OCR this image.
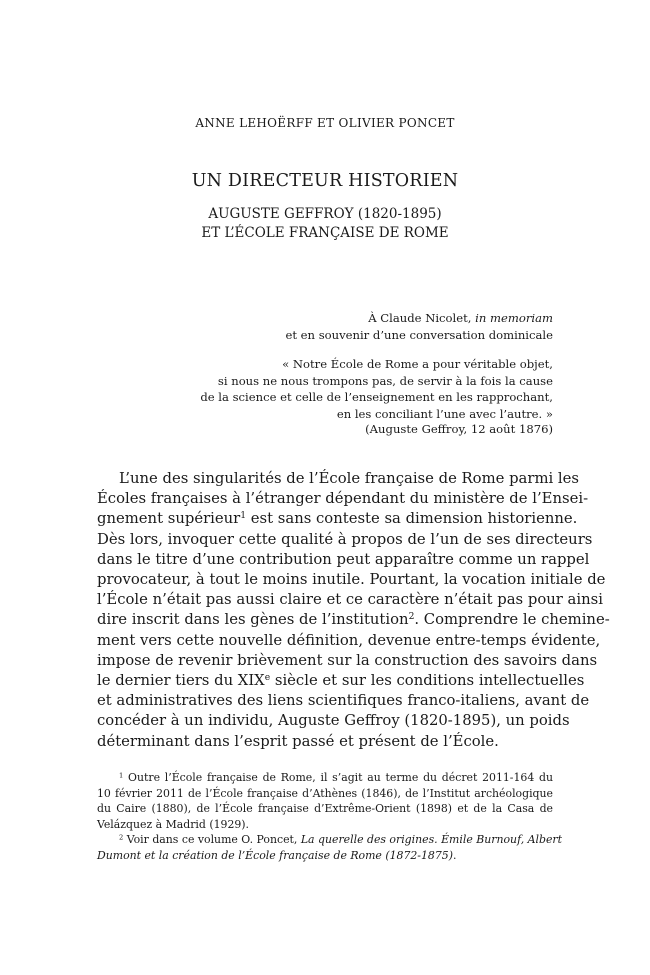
ANNE LEHOËRFF ET OLIVIER PONCET
UN DIRECTEUR HISTORIEN
AUGUSTE GEFFROY (1820-1895)
ET L’ÉCOLE FRANÇAISE DE ROME
À Claude Nicolet, in memoriam
et en souvenir d’une conversation dominicale
« Notre École de Rome a pour véritable objet,
si nous ne nous trompons pas, de servir à la fois la cause
de la science et celle de l’enseignement en les rapprochant,
en les conciliant l’une avec l’autre. »
(Auguste Geffroy, 12 août 1876)
L’une des singularités de l’École française de Rome parmi les
Écoles françaises à l’étranger dépendant du ministère de l’Ensei-
gnement supérieur$^1$ est sans conteste sa dimension historienne.
Dès lors, invoquer cette qualité à propos de l’un de ses directeurs
dans le titre d’une contribution peut apparaître comme un rappel
provocateur, à tout le moins inutile. Pourtant, la vocation initiale de
l’École n’était pas aussi claire et ce caractère n’était pas pour ainsi
dire inscrit dans les gènes de l’institution$^2$. Comprendre le chemine-
ment vers cette nouvelle définition, devenue entre-temps évidente,
impose de revenir brièvement sur la construction des savoirs dans
le dernier tiers du XIXe siècle et sur les conditions intellectuelles
et administratives des liens scientifiques franco-italiens, avant de
concéder à un individu, Auguste Geffroy (1820-1895), un poids
déterminant dans l’esprit passé et présent de l’École.
$^1$ Outre l’École française de Rome, il s’agit au terme du décret 2011-164 du
10 février 2011 de l’École française d’Athènes (1846), de l’Institut archéologique
du Caire (1880), de l’École française d’Extrême-Orient (1898) et de la Casa de
Velázquez à Madrid (1929).
$^2$ Voir dans ce volume O. Poncet, La querelle des origines. Émile Burnouf, Albert
Dumont et la création de l’École française de Rome (1872-1875).
